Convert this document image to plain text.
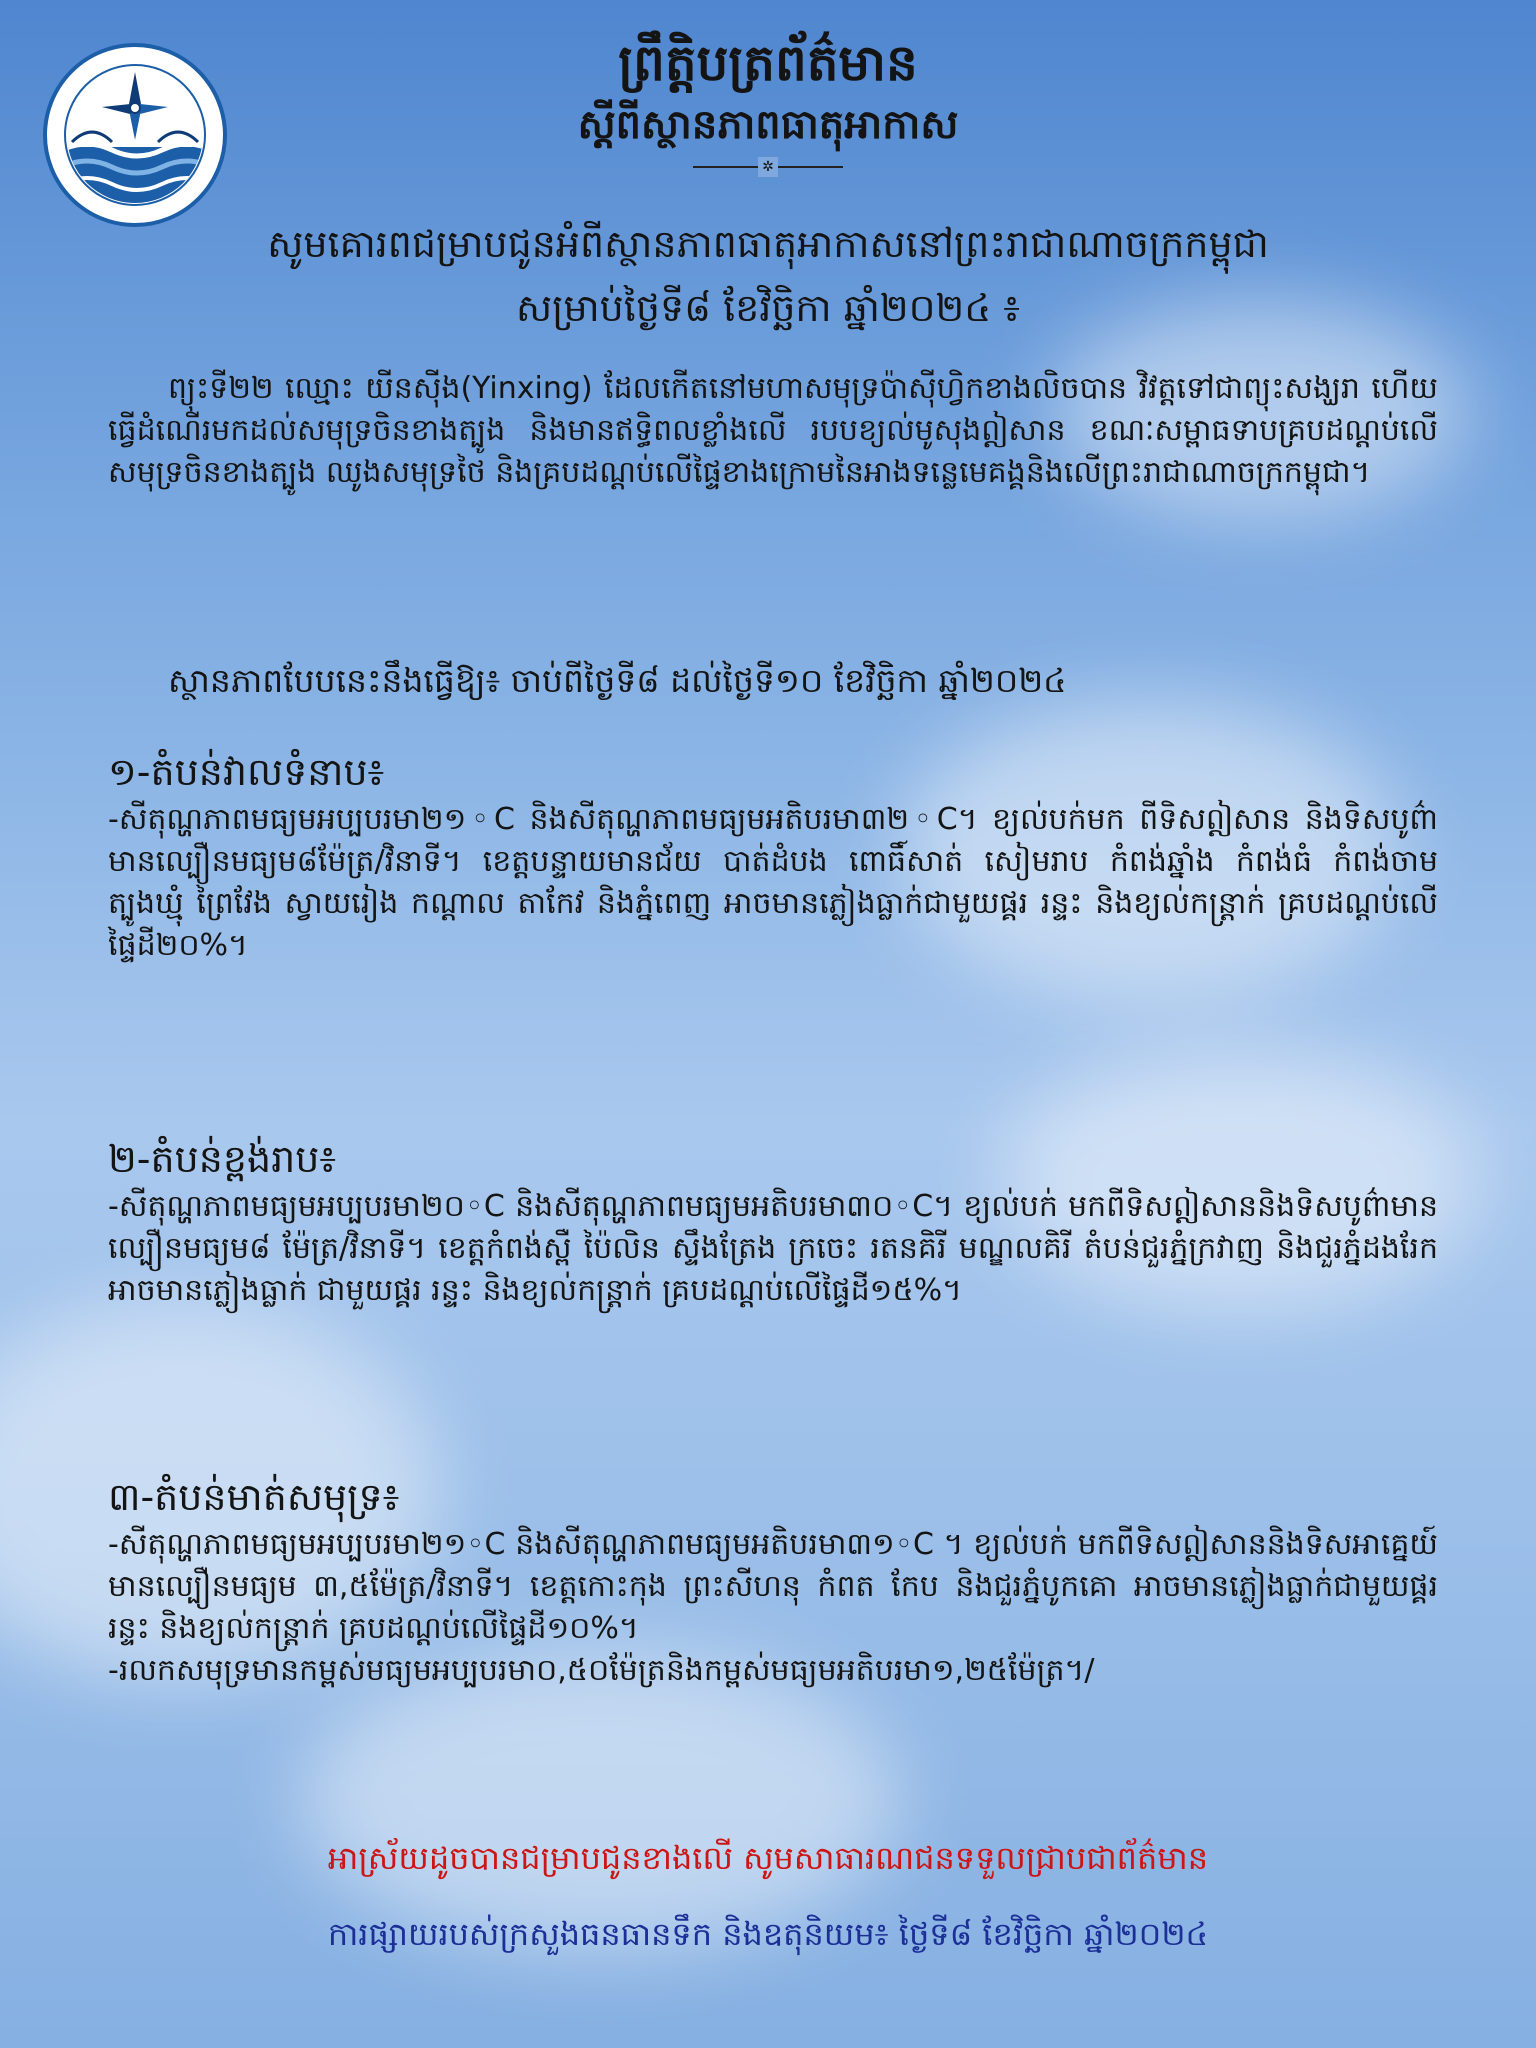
ព្រឹត្តិបត្រព័ត៌មាន
ស្ដីពីស្ថានភាពធាតុអាកាស
✲
សូមគោរពជម្រាបជូនអំពីស្ថានភាពធាតុអាកាសនៅព្រះរាជាណាចក្រកម្ពុជា
សម្រាប់ថ្ងៃទី៨ ខែវិច្ឆិកា ឆ្នាំ២០២៤ ៖

ព្យុះទី២២ ឈ្មោះ យីនស៊ីង(Yinxing) ដែលកើតនៅមហាសមុទ្រប៉ាស៊ីហ្វិកខាងលិចបាន វិវត្តទៅជាព្យុះសង្ឃរា ហើយធ្វើដំណើរមកដល់សមុទ្រចិនខាងត្បូង និងមានឥទ្ធិពលខ្លាំងលើ របបខ្យល់មូសុងឦសាន ខណៈសម្ពាធទាបគ្របដណ្ដប់លើសមុទ្រចិនខាងត្បូង ឈូងសមុទ្រថៃ និងគ្របដណ្ដប់លើផ្ទៃខាងក្រោមនៃអាងទន្លេមេគង្គនិងលើព្រះរាជាណាចក្រកម្ពុជា។

ស្ថានភាពបែបនេះនឹងធ្វើឱ្យ៖ ចាប់ពីថ្ងៃទី៨ ដល់ថ្ងៃទី១០ ខែវិច្ឆិកា ឆ្នាំ២០២៤

១-តំបន់វាលទំនាប៖

-សីតុណ្ហភាពមធ្យមអប្បបរមា២១◦C និងសីតុណ្ហភាពមធ្យមអតិបរមា៣២◦C។ ខ្យល់បក់មក ពីទិសឦសាន និងទិសបូព៌ាមានល្បឿនមធ្យម៨ម៉ែត្រ/វិនាទី។ ខេត្តបន្ទាយមានជ័យ បាត់ដំបង ពោធិ៍សាត់ សៀមរាប កំពង់ឆ្នាំង កំពង់ធំ កំពង់ចាម ត្បូងឃ្មុំ ព្រៃវែង ស្វាយរៀង កណ្ដាល តាកែវ និងភ្នំពេញ អាចមានភ្លៀងធ្លាក់ជាមួយផ្គរ រន្ទះ និងខ្យល់កន្ត្រាក់ គ្របដណ្ដប់លើ ផ្ទៃដី២០%។

២-តំបន់ខ្ពង់រាប៖

-សីតុណ្ហភាពមធ្យមអប្បបរមា២០◦C និងសីតុណ្ហភាពមធ្យមអតិបរមា៣០◦C។ ខ្យល់បក់ មកពីទិសឦសាននិងទិសបូព៌ាមានល្បឿនមធ្យម៨ ម៉ែត្រ/វិនាទី។ ខេត្តកំពង់ស្ពឺ ប៉ៃលិន ស្ទឹងត្រែង ក្រចេះ រតនគិរី មណ្ឌលគិរី តំបន់ជួរភ្នំក្រវាញ និងជួរភ្នំដងរែក អាចមានភ្លៀងធ្លាក់ ជាមួយផ្គរ រន្ទះ និងខ្យល់កន្ត្រាក់ គ្របដណ្ដប់លើផ្ទៃដី១៥%។

៣-តំបន់មាត់សមុទ្រ៖

-សីតុណ្ហភាពមធ្យមអប្បបរមា២១◦C និងសីតុណ្ហភាពមធ្យមអតិបរមា៣១◦C ។ ខ្យល់បក់ មកពីទិសឦសាននិងទិសអាគ្នេយ៍ មានល្បឿនមធ្យម ៣,៥ម៉ែត្រ/វិនាទី។ ខេត្តកោះកុង ព្រះសីហនុ កំពត កែប និងជួរភ្នំបូកគោ អាចមានភ្លៀងធ្លាក់ជាមួយផ្គរ រន្ទះ និងខ្យល់កន្ត្រាក់ គ្របដណ្ដប់លើផ្ទៃដី១០%។

-រលកសមុទ្រមានកម្ពស់មធ្យមអប្បបរមា០,៥០ម៉ែត្រនិងកម្ពស់មធ្យមអតិបរមា១,២៥ម៉ែត្រ។/

អាស្រ័យដូចបានជម្រាបជូនខាងលើ សូមសាធារណជនទទួលជ្រាបជាព័ត៌មាន
ការផ្សាយរបស់ក្រសួងធនធានទឹក និងឧតុនិយម៖ ថ្ងៃទី៨ ខែវិច្ឆិកា ឆ្នាំ២០២៤
